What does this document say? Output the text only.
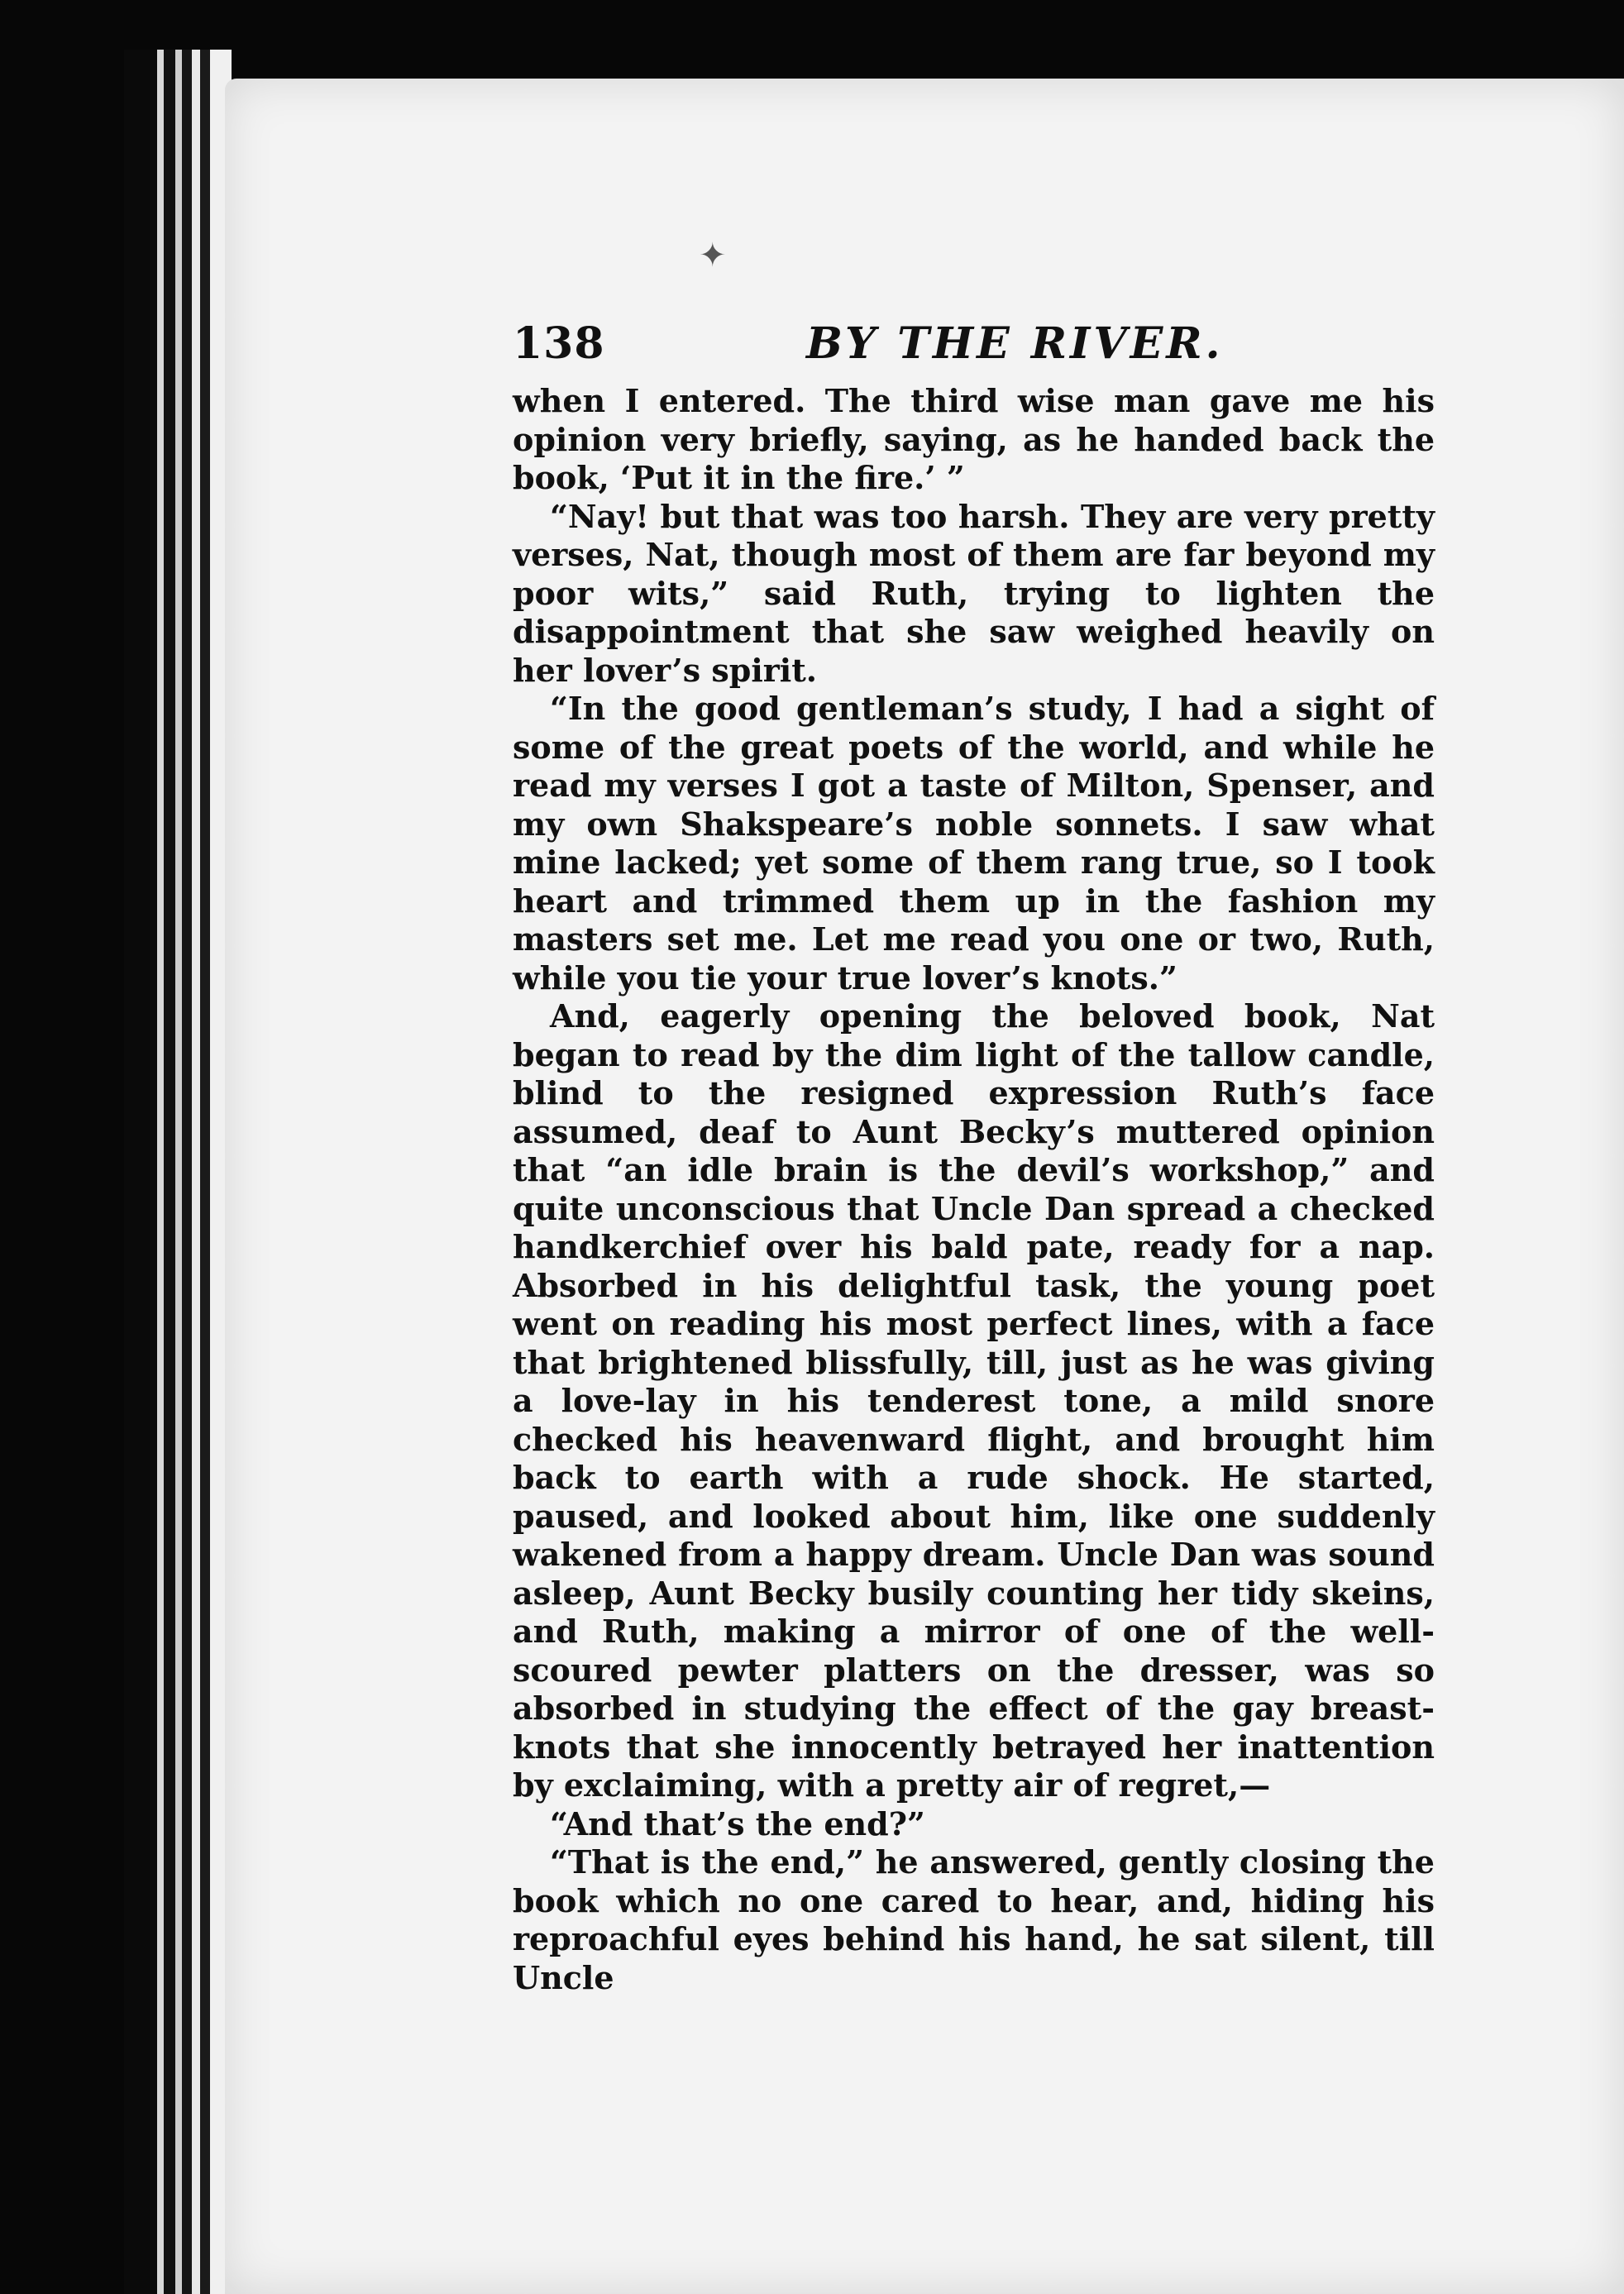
✦
138	BY THE RIVER.

when I entered. The third wise man gave me his opinion very briefly, saying, as he handed back the book, ‘Put it in the fire.’ ”

“Nay! but that was too harsh. They are very pretty verses, Nat, though most of them are far beyond my poor wits,” said Ruth, trying to lighten the disappointment that she saw weighed heavily on her lover’s spirit.

“In the good gentleman’s study, I had a sight of some of the great poets of the world, and while he read my verses I got a taste of Milton, Spenser, and my own Shakspeare’s noble sonnets. I saw what mine lacked; yet some of them rang true, so I took heart and trimmed them up in the fashion my masters set me. Let me read you one or two, Ruth, while you tie your true lover’s knots.”

And, eagerly opening the beloved book, Nat began to read by the dim light of the tallow candle, blind to the resigned expression Ruth’s face assumed, deaf to Aunt Becky’s muttered opinion that “an idle brain is the devil’s workshop,” and quite unconscious that Uncle Dan spread a checked handkerchief over his bald pate, ready for a nap. Absorbed in his delightful task, the young poet went on reading his most perfect lines, with a face that brightened blissfully, till, just as he was giving a love-lay in his tenderest tone, a mild snore checked his heavenward flight, and brought him back to earth with a rude shock. He started, paused, and looked about him, like one suddenly wakened from a happy dream. Uncle Dan was sound asleep, Aunt Becky busily counting her tidy skeins, and Ruth, making a mirror of one of the well-scoured pewter platters on the dresser, was so absorbed in studying the effect of the gay breast-knots that she innocently betrayed her inattention by exclaiming, with a pretty air of regret,—

“And that’s the end?”

“That is the end,” he answered, gently closing the book which no one cared to hear, and, hiding his reproachful eyes behind his hand, he sat silent, till Uncle
